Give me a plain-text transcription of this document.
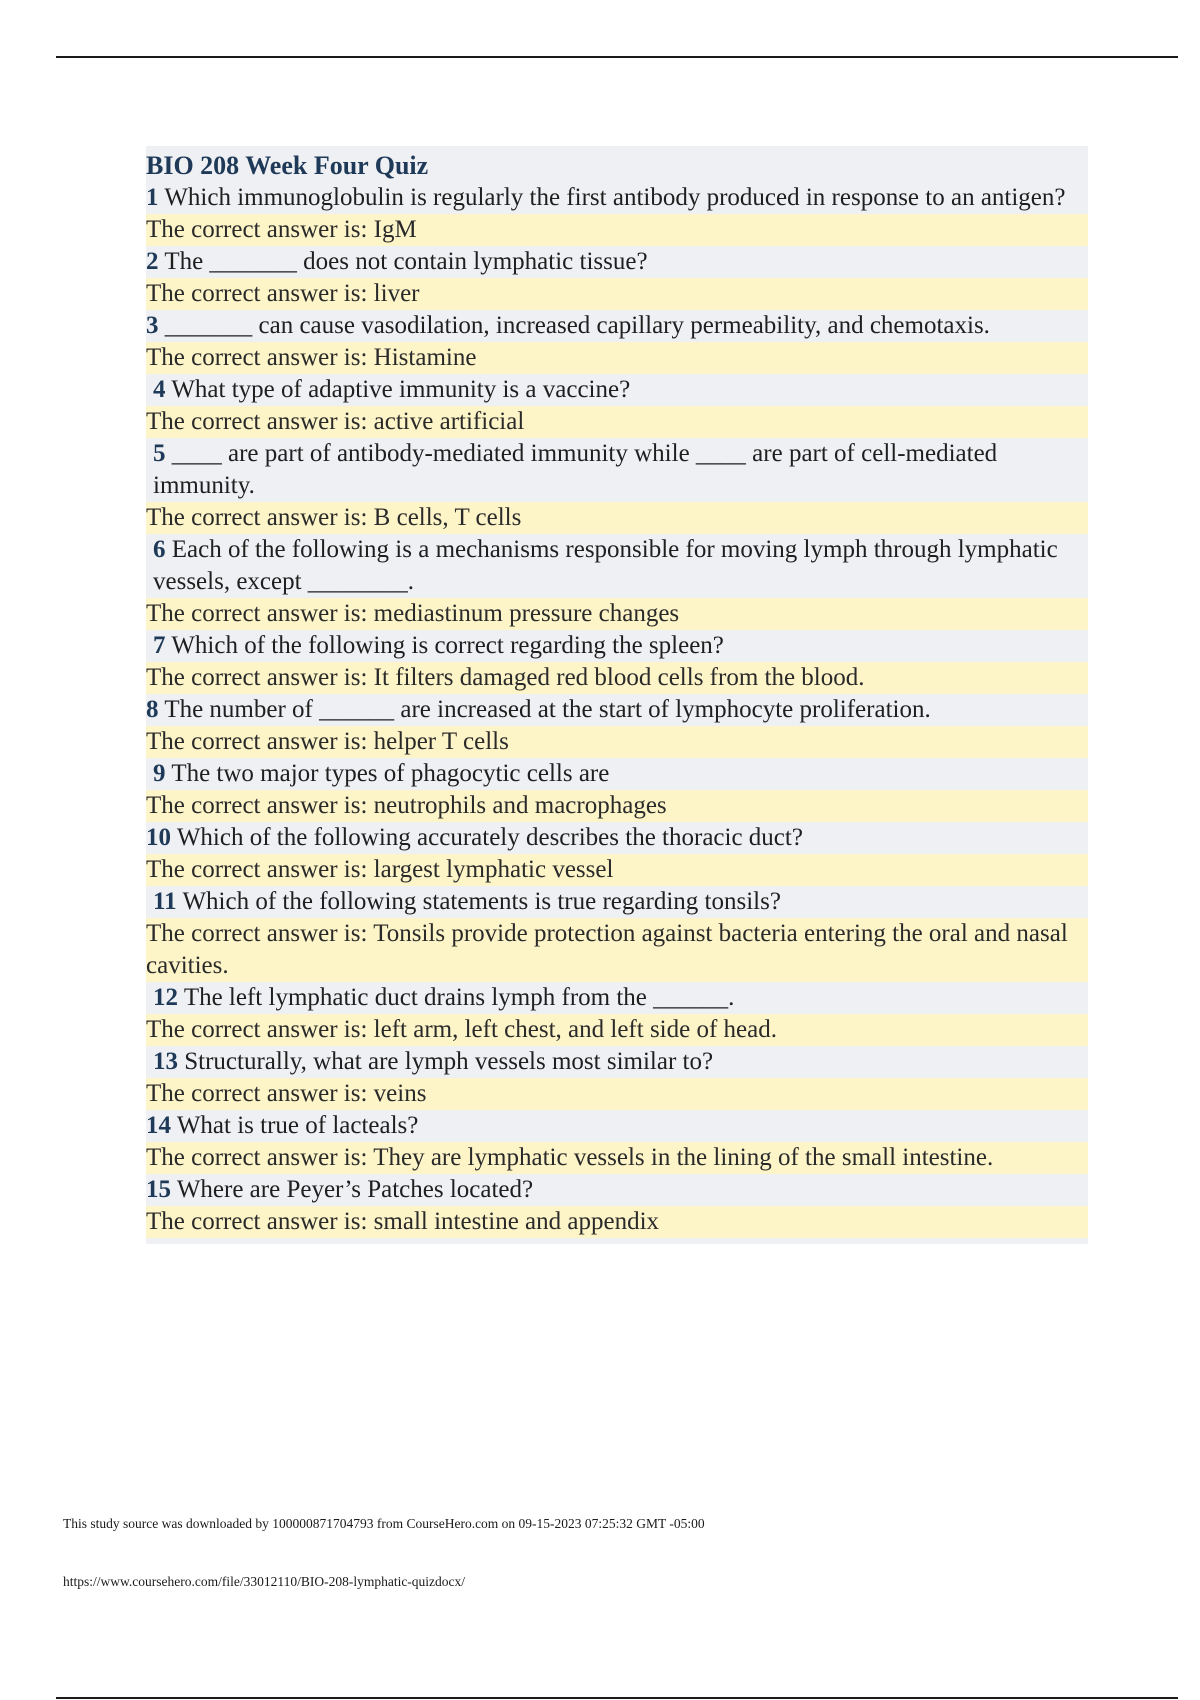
BIO 208 Week Four Quiz
1 Which immunoglobulin is regularly the first antibody produced in response to an antigen?
The correct answer is: IgM
2 The _______ does not contain lymphatic tissue?
The correct answer is: liver
3 _______ can cause vasodilation, increased capillary permeability, and chemotaxis.
The correct answer is: Histamine
4 What type of adaptive immunity is a vaccine?
The correct answer is: active artificial
5 ____ are part of antibody-mediated immunity while ____ are part of cell-mediated immunity.
The correct answer is: B cells, T cells
6 Each of the following is a mechanisms responsible for moving lymph through lymphatic vessels, except ________.
The correct answer is: mediastinum pressure changes
7 Which of the following is correct regarding the spleen?
The correct answer is: It filters damaged red blood cells from the blood.
8 The number of ______ are increased at the start of lymphocyte proliferation.
The correct answer is: helper T cells
9 The two major types of phagocytic cells are
The correct answer is: neutrophils and macrophages
10 Which of the following accurately describes the thoracic duct?
The correct answer is: largest lymphatic vessel
11 Which of the following statements is true regarding tonsils?
The correct answer is: Tonsils provide protection against bacteria entering the oral and nasal cavities.
12 The left lymphatic duct drains lymph from the ______.
The correct answer is: left arm, left chest, and left side of head.
13 Structurally, what are lymph vessels most similar to?
The correct answer is: veins
14 What is true of lacteals?
The correct answer is: They are lymphatic vessels in the lining of the small intestine.
15 Where are Peyer’s Patches located?
The correct answer is: small intestine and appendix
This study source was downloaded by 100000871704793 from CourseHero.com on 09-15-2023 07:25:32 GMT -05:00
https://www.coursehero.com/file/33012110/BIO-208-lymphatic-quizdocx/
